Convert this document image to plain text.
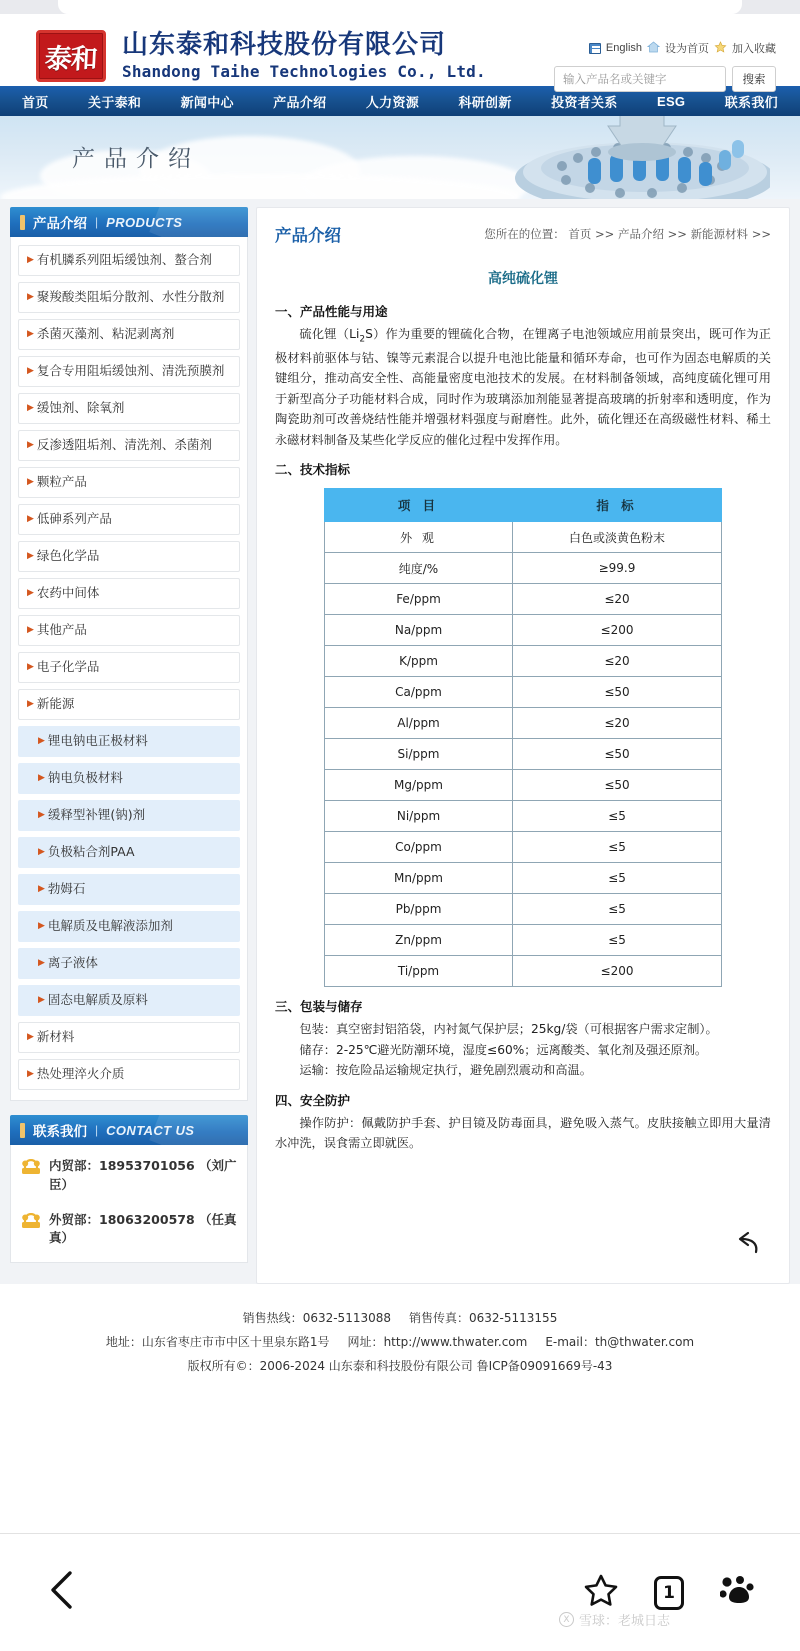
泰和 山东泰和科技股份有限公司
Shandong Taihe Technologies Co., Ltd.
English 设为首页 加入收藏
输入产品名或关键字
搜索
首页	关于泰和	新闻中心	产品介绍	人力资源	科研创新	投资者关系	ESG	联系我们
产品介绍
产品介绍 | PRODUCTS
▶ 有机膦系列阻垢缓蚀剂、螯合剂
▶ 聚羧酸类阻垢分散剂、水性分散剂
▶ 杀菌灭藻剂、粘泥剥离剂
▶ 复合专用阻垢缓蚀剂、清洗预膜剂
▶ 缓蚀剂、除氧剂
▶ 反渗透阻垢剂、清洗剂、杀菌剂
▶ 颗粒产品
▶ 低砷系列产品
▶ 绿色化学品
▶ 农药中间体
▶ 其他产品
▶ 电子化学品
▶ 新能源
▶ 锂电钠电正极材料
▶ 钠电负极材料
▶ 缓释型补锂(钠)剂
▶ 负极粘合剂PAA
▶ 勃姆石
▶ 电解质及电解液添加剂
▶ 离子液体
▶ 固态电解质及原料
▶ 新材料
▶ 热处理淬火介质
联系我们 | CONTACT US
内贸部：18953701056 （刘广臣）
外贸部：18063200578 （任真真）
产品介绍	您所在的位置： 首页 >> 产品介绍 >> 新能源材料 >>
高纯硫化锂
一、产品性能与用途

硫化锂$(Li_2S)$作为重要的锂硫化合物，在锂离子电池领域应用前景突出，既可作为正极材料前驱体与钴、镍等元素混合以提升电池比能量和循环寿命，也可作为固态电解质的关键组分，推动高安全性、高能量密度电池技术的发展。在材料制备领域，高纯度硫化锂可用于新型高分子功能材料合成，同时作为玻璃添加剂能显著提高玻璃的折射率和透明度，作为陶瓷助剂可改善烧结性能并增强材料强度与耐磨性。此外，硫化锂还在高级磁性材料、稀土永磁材料制备及某些化学反应的催化过程中发挥作用。

二、技术指标
项 目	指 标
外 观	白色或淡黄色粉末
纯度/%	≥99.9
Fe/ppm	≤20
Na/ppm	≤200
K/ppm	≤20
Ca/ppm	≤50
Al/ppm	≤20
Si/ppm	≤50
Mg/ppm	≤50
Ni/ppm	≤5
Co/ppm	≤5
Mn/ppm	≤5
Pb/ppm	≤5
Zn/ppm	≤5
Ti/ppm	≤200
三、包装与储存

包装：真空密封铝箔袋，内衬氮气保护层；25kg/袋（可根据客户需求定制）。

储存：2-25℃避光防潮环境，湿度≤60%；远离酸类、氧化剂及强还原剂。

运输：按危险品运输规定执行，避免剧烈震动和高温。

四、安全防护

操作防护：佩戴防护手套、护目镜及防毒面具，避免吸入蒸气。皮肤接触立即用大量清水冲洗，误食需立即就医。

销售热线：0632-5113088 销售传真：0632-5113155
地址：山东省枣庄市市中区十里泉东路1号 网址：http://www.thwater.com E-mail：th@thwater.com
版权所有©：2006-2024 山东泰和科技股份有限公司 鲁ICP备09091669号-43
1
X 雪球：老城日志
